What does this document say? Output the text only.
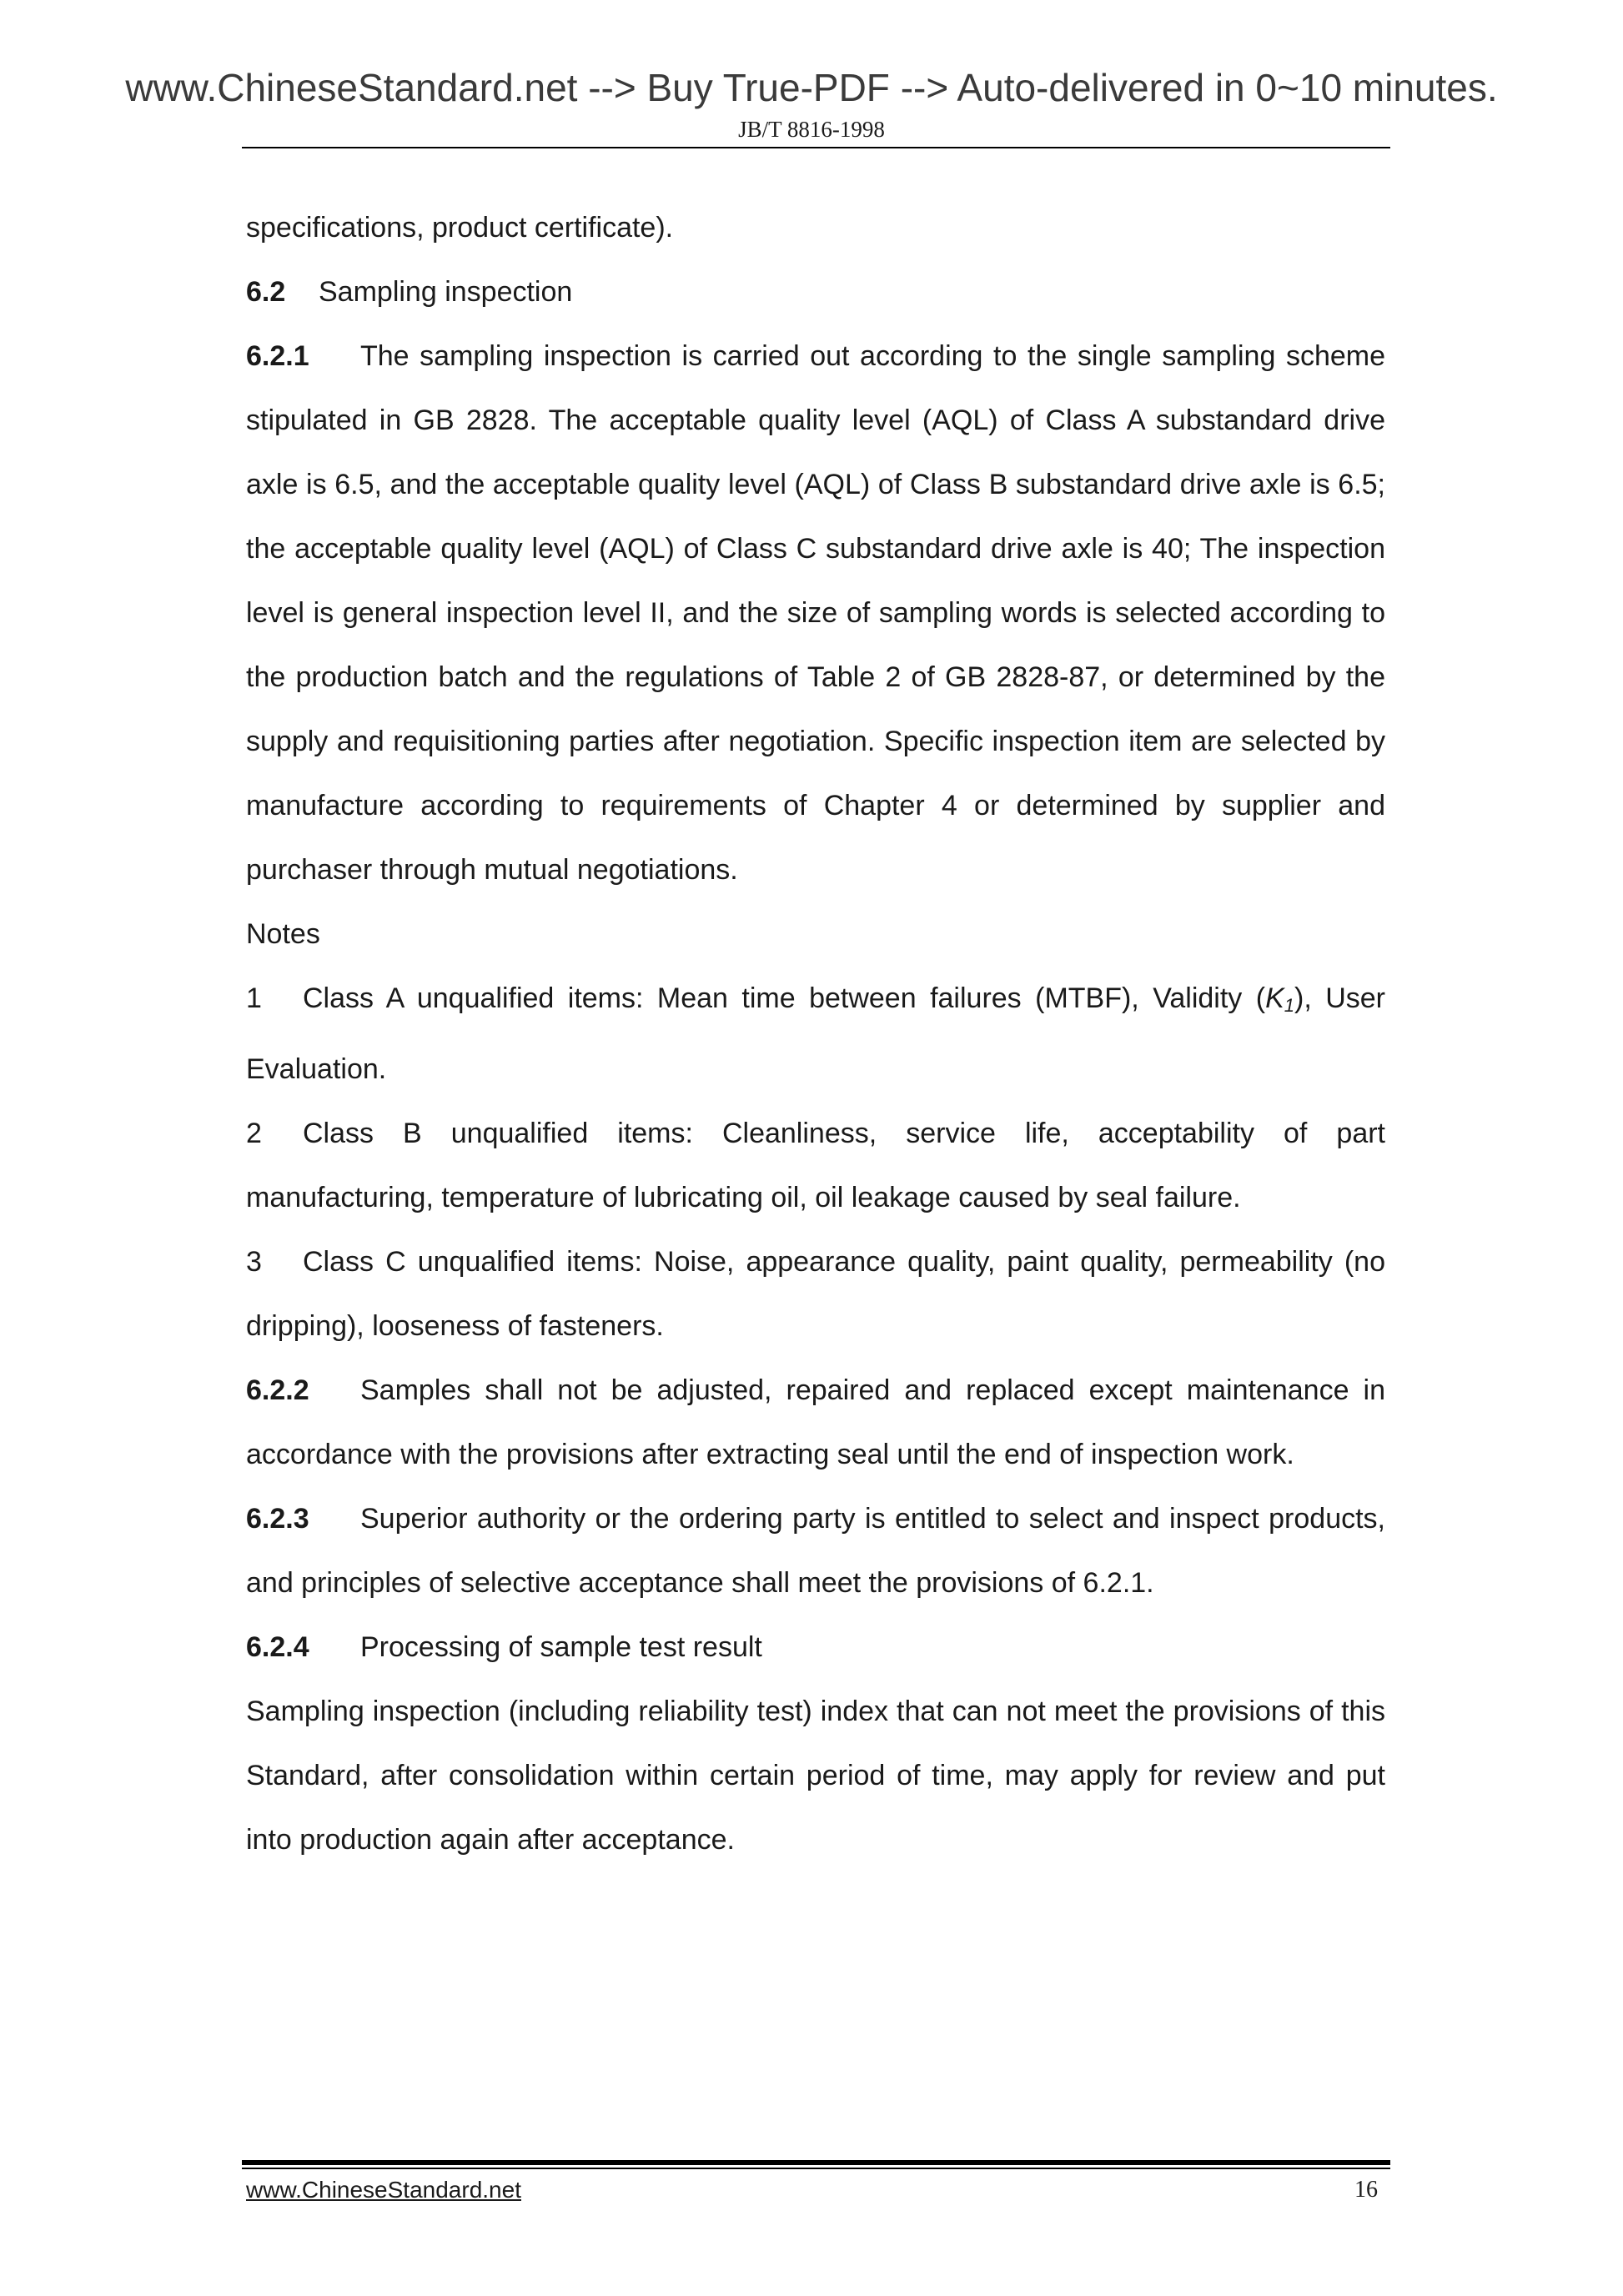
www.ChineseStandard.net --> Buy True-PDF --> Auto-delivered in 0~10 minutes.
JB/T 8816-1998

specifications, product certificate).

6.2 Sampling inspection

6.2.1 The sampling inspection is carried out according to the single sampling scheme stipulated in GB 2828. The acceptable quality level (AQL) of Class A substandard drive axle is 6.5, and the acceptable quality level (AQL) of Class B substandard drive axle is 6.5; the acceptable quality level (AQL) of Class C substandard drive axle is 40; The inspection level is general inspection level II, and the size of sampling words is selected according to the production batch and the regulations of Table 2 of GB 2828-87, or determined by the supply and requisitioning parties after negotiation. Specific inspection item are selected by manufacture according to requirements of Chapter 4 or determined by supplier and purchaser through mutual negotiations.

Notes

1 Class A unqualified items: Mean time between failures (MTBF), Validity (K1), User Evaluation.

2 Class B unqualified items: Cleanliness, service life, acceptability of part manufacturing, temperature of lubricating oil, oil leakage caused by seal failure.

3 Class C unqualified items: Noise, appearance quality, paint quality, permeability (no dripping), looseness of fasteners.

6.2.2 Samples shall not be adjusted, repaired and replaced except maintenance in accordance with the provisions after extracting seal until the end of inspection work.

6.2.3 Superior authority or the ordering party is entitled to select and inspect products, and principles of selective acceptance shall meet the provisions of 6.2.1.

6.2.4 Processing of sample test result

Sampling inspection (including reliability test) index that can not meet the provisions of this Standard, after consolidation within certain period of time, may apply for review and put into production again after acceptance.

www.ChineseStandard.net	16
